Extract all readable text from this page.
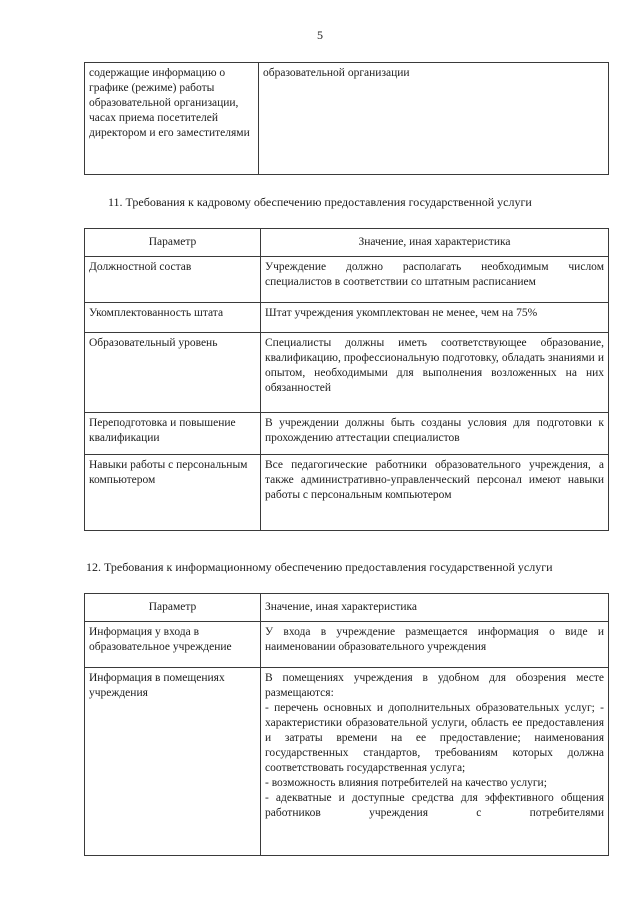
5
содержащие информацию о графике (режиме) работы образовательной организации, часах приема посетителей директором и его заместителями	образовательной организации
11. Требования к кадровому обеспечению предоставления государственной услуги
Параметр	Значение, иная характеристика
Должностной состав	Учреждение должно располагать необходимым числом специалистов в соответствии со штатным расписанием
Укомплектованность штата	Штат учреждения укомплектован не менее, чем на 75%
Образовательный уровень	Специалисты должны иметь соответствующее образование, квалификацию, профессиональную подготовку, обладать знаниями и опытом, необходимыми для выполнения возложенных на них обязанностей
Переподготовка и повышение квалификации	В учреждении должны быть созданы условия для подготовки к прохождению аттестации специалистов
Навыки работы с персональным компьютером	Все педагогические работники образовательного учреждения, а также административно-управленческий персонал имеют навыки работы с персональным компьютером
12. Требования к информационному обеспечению предоставления государственной услуги
Параметр	Значение, иная характеристика
Информация у входа в образовательное учреждение	У входа в учреждение размещается информация о виде и наименовании образовательного учреждения
Информация в помещениях учреждения	В помещениях учреждения в удобном для обозрения месте размещаются:
- перечень основных и дополнительных образовательных услуг; - характеристики образовательной услуги, область ее предоставления и затраты времени на ее предоставление; наименования государственных стандартов, требованиям которых должна соответствовать государственная услуга;
- возможность влияния потребителей на качество услуги;
- адекватные и доступные средства для эффективного общения работников учреждения с потребителями
